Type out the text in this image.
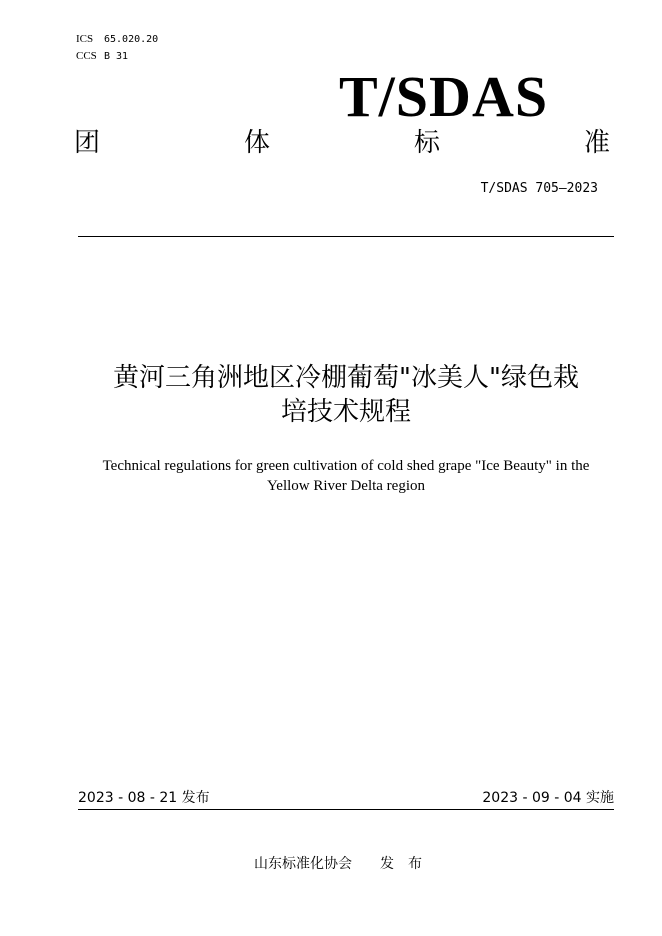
ICS 65.020.20
CCS B 31
T/SDAS
团	体	标	准
T/SDAS 705—2023
黄河三角洲地区冷棚葡萄"冰美人"绿色栽
培技术规程
Technical regulations for green cultivation of cold shed grape "Ice Beauty" in the
Yellow River Delta region
2023 - 08 - 21 发布	2023 - 09 - 04 实施
山东标准化协会　　发　布
